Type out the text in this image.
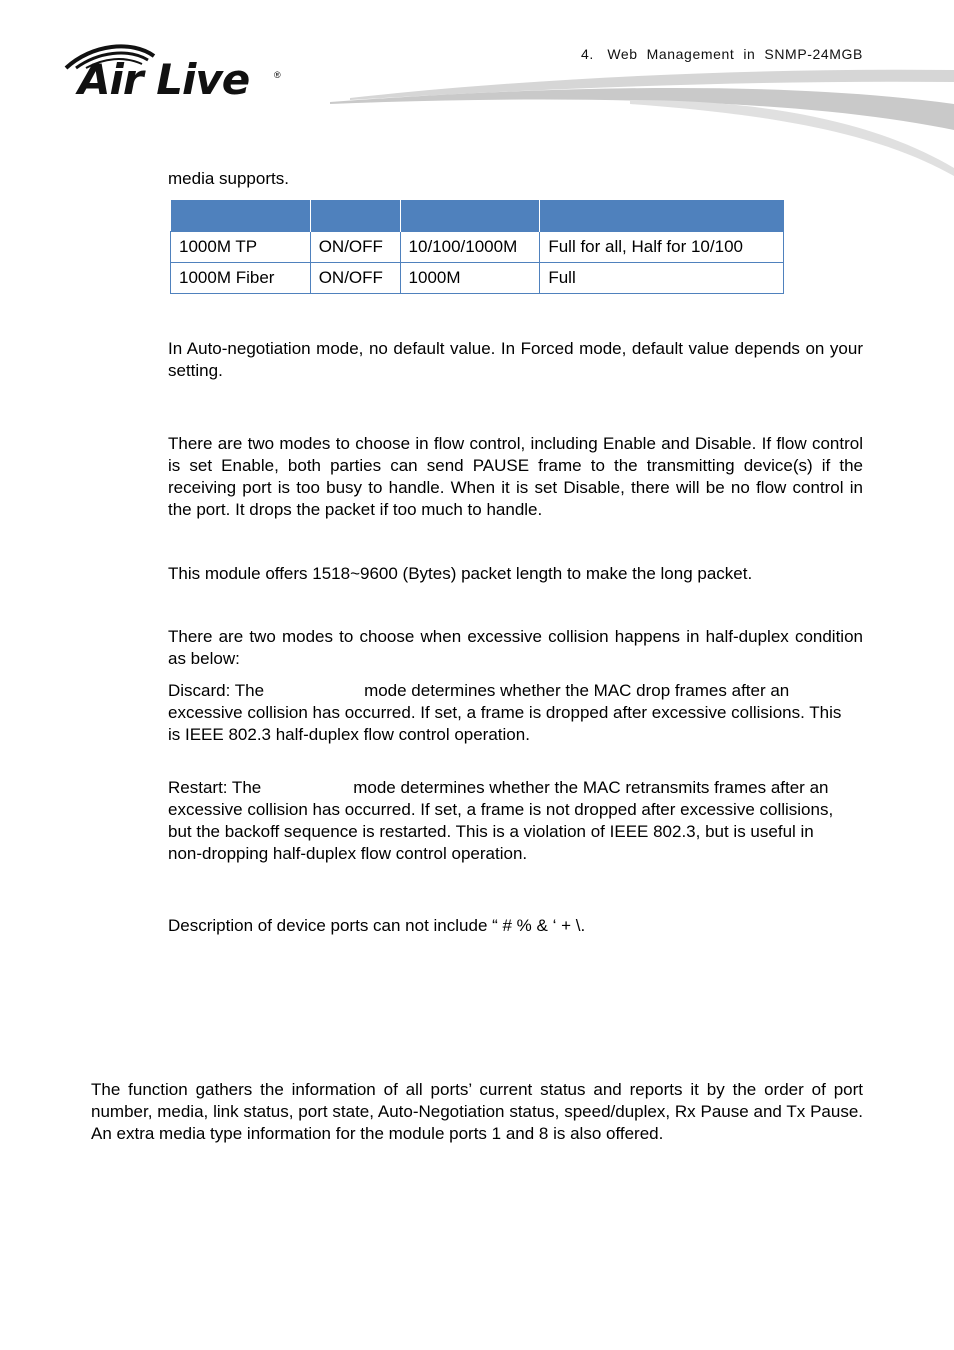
Air Live	®
4.   Web  Management  in  SNMP-24MGB
media supports.

1000M TP	ON/OFF	10/100/1000M	Full for all, Half for 10/100
1000M Fiber	ON/OFF	1000M	Full
In Auto-negotiation mode, no default value. In Forced mode, default value depends on your setting.
There are two modes to choose in flow control, including Enable and Disable. If flow control is set Enable, both parties can send PAUSE frame to the transmitting device(s) if the receiving port is too busy to handle. When it is set Disable, there will be no flow control in the port. It drops the packet if too much to handle.
This module offers 1518~9600 (Bytes) packet length to make the long packet.
There are two modes to choose when excessive collision happens in half-duplex condition as below:
Discard: The	mode determines whether the MAC drop frames after an excessive collision has occurred. If set, a frame is dropped after excessive collisions. This is IEEE 802.3 half-duplex flow control operation.
Restart: The	mode determines whether the MAC retransmits frames after an excessive collision has occurred. If set, a frame is not dropped after excessive collisions, but the backoff sequence is restarted. This is a violation of IEEE 802.3, but is useful in non-dropping half-duplex flow control operation.
Description of device ports can not include “ # % & ‘ + \.
The function gathers the information of all ports’ current status and reports it by the order of port number, media, link status, port state, Auto-Negotiation status, speed/duplex, Rx Pause and Tx Pause. An extra media type information for the module ports 1 and 8 is also offered.
